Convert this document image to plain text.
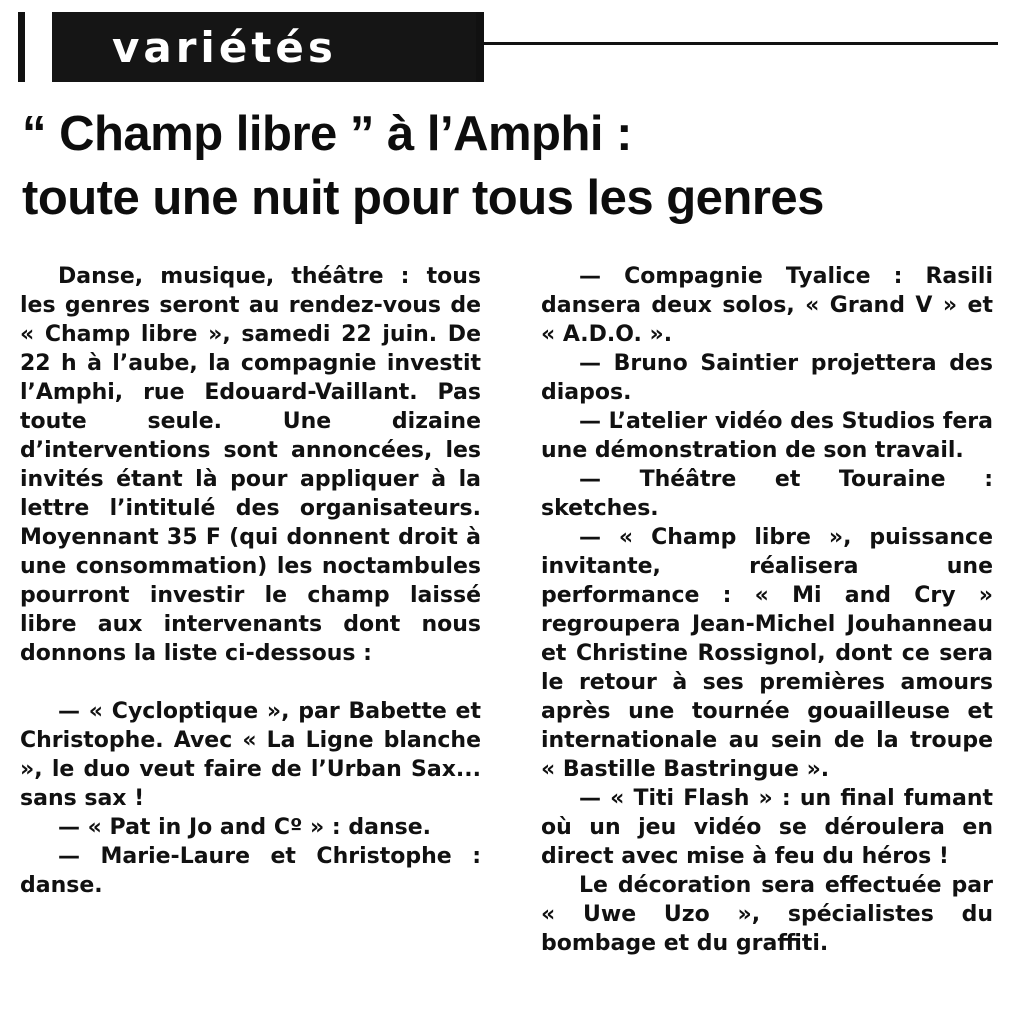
variétés
“ Champ libre ” à l’Amphi :
toute une nuit pour tous les genres

Danse, musique, théâtre : tous les genres seront au rendez-vous de « Champ libre », samedi 22 juin. De 22 h à l’aube, la compagnie investit l’Amphi, rue Edouard-Vaillant. Pas toute seule. Une dizaine d’interventions sont annoncées, les invités étant là pour appliquer à la lettre l’intitulé des organisateurs. Moyennant 35 F (qui donnent droit à une consommation) les noctambules pourront investir le champ laissé libre aux intervenants dont nous donnons la liste ci-dessous :

— « Cycloptique », par Babette et Christophe. Avec « La Ligne blanche », le duo veut faire de l’Urban Sax... sans sax !

— « Pat in Jo and Cº » : danse.

— Marie-Laure et Christophe : danse.

— Compagnie Tyalice : Rasili dansera deux solos, « Grand V » et « A.D.O. ».

— Bruno Saintier projettera des diapos.

— L’atelier vidéo des Studios fera une démonstration de son travail.

— Théâtre et Touraine : sketches.

— « Champ libre », puissance invitante, réalisera une performance : « Mi and Cry » regroupera Jean-Michel Jouhanneau et Christine Rossignol, dont ce sera le retour à ses premières amours après une tournée gouailleuse et internationale au sein de la troupe « Bastille Bastringue ».

— « Titi Flash » : un final fumant où un jeu vidéo se déroulera en direct avec mise à feu du héros !

Le décoration sera effectuée par « Uwe Uzo », spécialistes du bombage et du graffiti.
